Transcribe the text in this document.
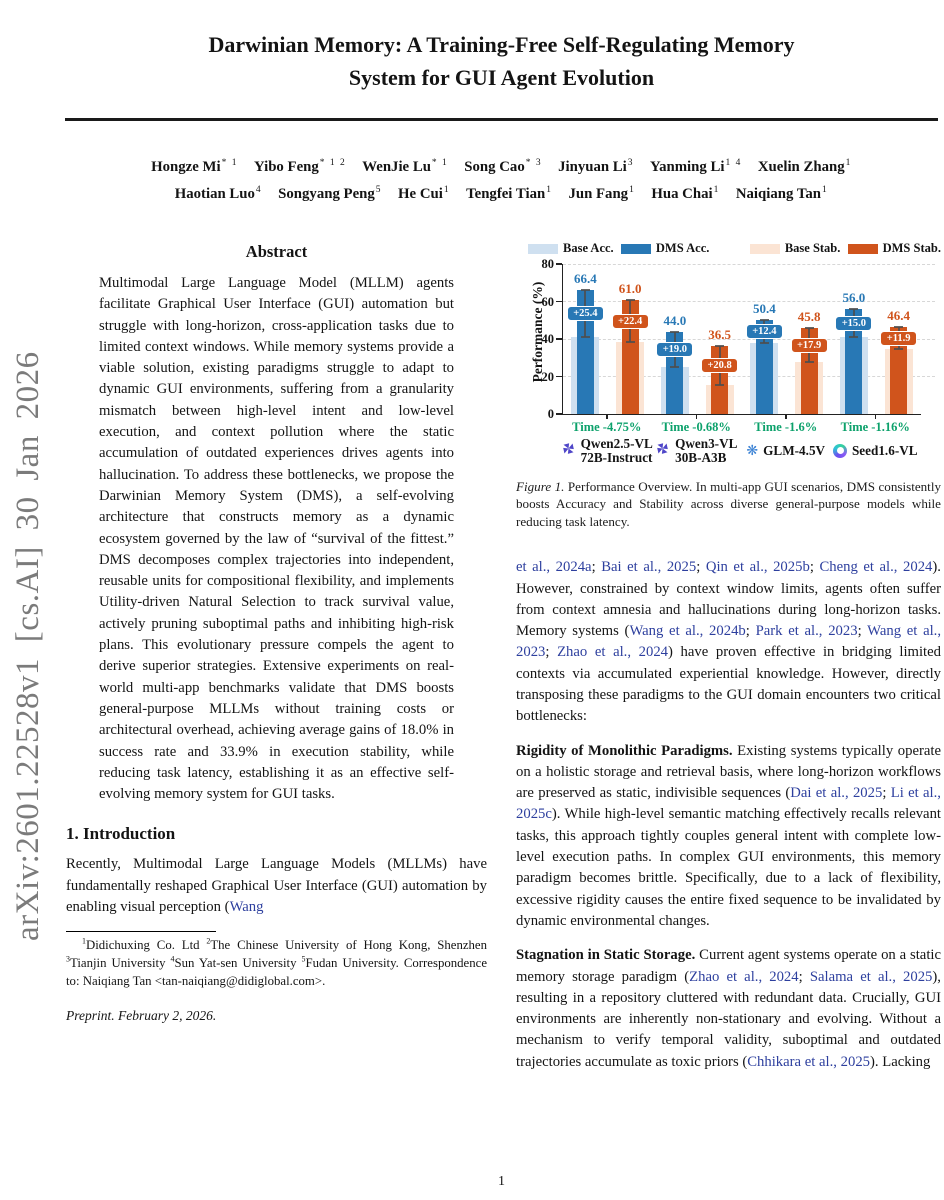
arXiv:2601.22528v1 [cs.AI] 30 Jan 2026
Darwinian Memory: A Training-Free Self-Regulating Memory
System for GUI Agent Evolution
Hongze Mi$^{* 1}$ Yibo Feng$^{* 1 2}$ WenJie Lu$^{* 1}$ Song Cao$^{* 3}$ Jinyuan Li$^3$ Yanming $Li^{1 4}$ Xuelin Zhang$^1$
Haotian Luo$^4$ Songyang Peng$^5$ He Cui$^1$ Tengfei Tian$^1$ Jun Fang$^1$ Hua Chai$^1$ Naiqiang Tan$^1$
Abstract
Multimodal Large Language Model (MLLM) agents facilitate Graphical User Interface (GUI) automation but struggle with long-horizon, cross-application tasks due to limited context windows. While memory systems provide a viable solution, existing paradigms struggle to adapt to dynamic GUI environments, suffering from a granularity mismatch between high-level intent and low-level execution, and context pollution where the static accumulation of outdated experiences drives agents into hallucination. To address these bottlenecks, we propose the Darwinian Memory System (DMS), a self-evolving architecture that constructs memory as a dynamic ecosystem governed by the law of “survival of the fittest.” DMS decomposes complex trajectories into independent, reusable units for compositional flexibility, and implements Utility-driven Natural Selection to track survival value, actively pruning suboptimal paths and inhibiting high-risk plans. This evolutionary pressure compels the agent to derive superior strategies. Extensive experiments on real-world multi-app benchmarks validate that DMS boosts general-purpose MLLMs without training costs or architectural overhead, achieving average gains of 18.0% in success rate and 33.9% in execution stability, while reducing task latency, establishing it as an effective self-evolving memory system for GUI tasks.
1. Introduction
Recently, Multimodal Large Language Models (MLLMs) have fundamentally reshaped Graphical User Interface (GUI) automation by enabling visual perception (Wang
$^1$Didichuxing Co. Ltd $^2$The Chinese University of Hong Kong, Shenzhen $^3$Tianjin University $^4$Sun Yat-sen University $^5$Fudan University. Correspondence to: Naiqiang Tan <tan-naiqiang@didiglobal.com>.
Preprint. February 2, 2026.
Base Acc.	DMS Acc.	Base Stab.	DMS Stab.
+25.4
66.4
+22.4
61.0
+19.0
44.0
+20.8
36.5	+12.4
50.4
+17.9
45.8	+15.0
56.0
+11.9
46.4
0
20
40
60
80
Performance (%)
Time -4.75%
Qwen2.5-VL
72B-Instruct
Time -0.68%
Qwen3-VL
30B-A3B
Time -1.6%
❋ GLM-4.5V
Time -1.16%
Seed1.6-VL
Figure 1. Performance Overview. In multi-app GUI scenarios, DMS consistently boosts Accuracy and Stability across diverse general-purpose models while reducing task latency.
et al., 2024a; Bai et al., 2025; Qin et al., 2025b; Cheng et al., 2024). However, constrained by context window limits, agents often suffer from context amnesia and hallucinations during long-horizon tasks. Memory systems (Wang et al., 2024b; Park et al., 2023; Wang et al., 2023; Zhao et al., 2024) have proven effective in bridging limited contexts via accumulated experiential knowledge. However, directly transposing these paradigms to the GUI domain encounters two critical bottlenecks:
Rigidity of Monolithic Paradigms. Existing systems typically operate on a holistic storage and retrieval basis, where long-horizon workflows are preserved as static, indivisible sequences (Dai et al., 2025; Li et al., 2025c). While high-level semantic matching effectively recalls relevant tasks, this approach tightly couples general intent with complete low-level execution paths. In complex GUI environments, this memory paradigm becomes brittle. Specifically, due to a lack of flexibility, excessive rigidity causes the entire fixed sequence to be invalidated by dynamic environmental changes.
Stagnation in Static Storage. Current agent systems operate on a static memory storage paradigm (Zhao et al., 2024; Salama et al., 2025), resulting in a repository cluttered with redundant data. Crucially, GUI environments are inherently non-stationary and evolving. Without a mechanism to verify temporal validity, suboptimal and outdated trajectories accumulate as toxic priors (Chhikara et al., 2025). Lacking
1
